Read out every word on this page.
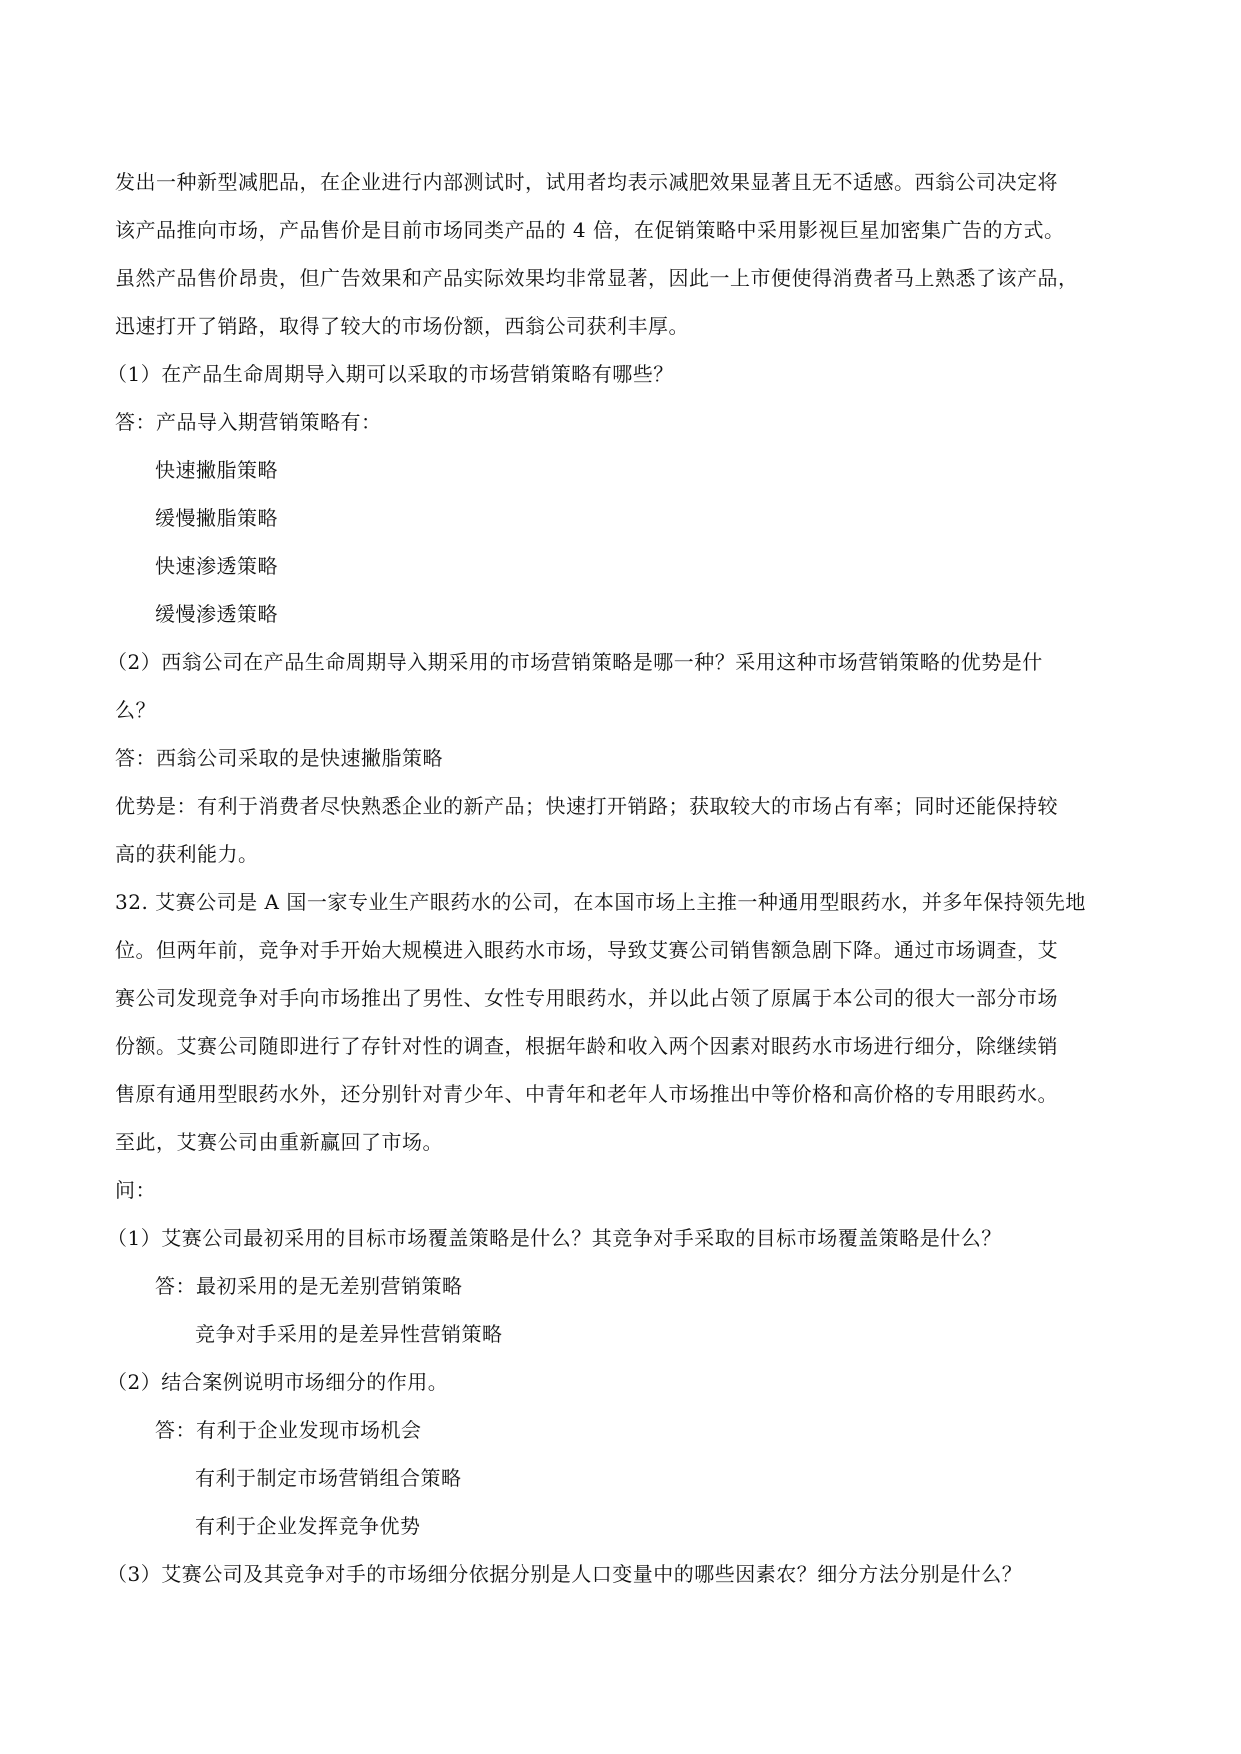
发出一种新型减肥品，在企业进行内部测试时，试用者均表示减肥效果显著且无不适感。西翁公司决定将
该产品推向市场，产品售价是目前市场同类产品的 4 倍，在促销策略中采用影视巨星加密集广告的方式。
虽然产品售价昂贵，但广告效果和产品实际效果均非常显著，因此一上市便使得消费者马上熟悉了该产品，
迅速打开了销路，取得了较大的市场份额，西翁公司获利丰厚。
（1）在产品生命周期导入期可以采取的市场营销策略有哪些？
答：产品导入期营销策略有：
快速撇脂策略
缓慢撇脂策略
快速渗透策略
缓慢渗透策略
（2）西翁公司在产品生命周期导入期采用的市场营销策略是哪一种？采用这种市场营销策略的优势是什
么？
答：西翁公司采取的是快速撇脂策略
优势是：有利于消费者尽快熟悉企业的新产品；快速打开销路；获取较大的市场占有率；同时还能保持较
高的获利能力。
32. 艾赛公司是 A 国一家专业生产眼药水的公司，在本国市场上主推一种通用型眼药水，并多年保持领先地
位。但两年前，竞争对手开始大规模进入眼药水市场，导致艾赛公司销售额急剧下降。通过市场调查，艾
赛公司发现竞争对手向市场推出了男性、女性专用眼药水，并以此占领了原属于本公司的很大一部分市场
份额。艾赛公司随即进行了存针对性的调查，根据年龄和收入两个因素对眼药水市场进行细分，除继续销
售原有通用型眼药水外，还分别针对青少年、中青年和老年人市场推出中等价格和高价格的专用眼药水。
至此，艾赛公司由重新赢回了市场。
问：
（1）艾赛公司最初采用的目标市场覆盖策略是什么？其竞争对手采取的目标市场覆盖策略是什么？
答：最初采用的是无差别营销策略
竞争对手采用的是差异性营销策略
（2）结合案例说明市场细分的作用。
答：有利于企业发现市场机会
有利于制定市场营销组合策略
有利于企业发挥竞争优势
（3）艾赛公司及其竞争对手的市场细分依据分别是人口变量中的哪些因素农？细分方法分别是什么？
